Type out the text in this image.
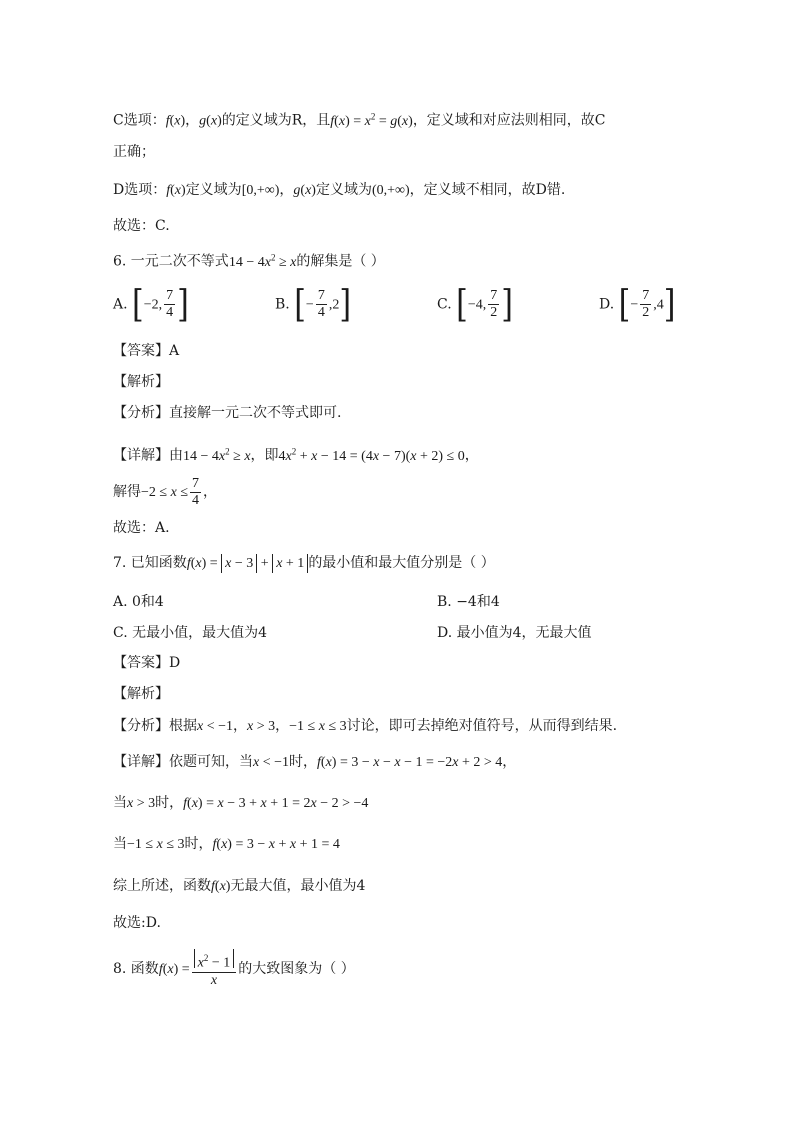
C选项：f(x)，g(x)的定义域为R，且$f(x) = x^2 = g(x)$，定义域和对应法则相同，故C
正确；
D选项：f(x)定义域为[0,+∞)，g(x)定义域为(0,+∞)，定义域不相同，故D错.
故选：C.
6. 一元二次不等式$14 - 4x^2 \ge x$的解集是（ ）
A. [−2, $\frac{7}{4}$ ]	B. [− $\frac{7}{4} ,2$]	C. [−4, $\frac{7}{2}$ ]	D. [− $\frac{7}{2} ,4$]
【答案】A
【解析】
【分析】直接解一元二次不等式即可.
【详解】由$14 - 4x^2 \ge x$，即$4x^2 + x - 14 = (4x - 7)(x + 2) \le 0$，
解得$-2 \le x \le \frac{7}{4}$ ，
故选：A.
7. 已知函数f(x) = x − 3 + x + 1 的最小值和最大值分别是（ ）
A. 0和4	B. −4和4
C. 无最小值，最大值为4	D. 最小值为4，无最大值
【答案】D
【解析】
【分析】根据x < −1，x > 3，−1 ≤ x ≤ 3讨论，即可去掉绝对值符号，从而得到结果.
【详解】依题可知，当x < −1时，f(x) = 3 − x − x − 1 = −2x + 2 > 4，
当x > 3时，f(x) = x − 3 + x + 1 = 2x − 2 > −4
当−1 ≤ x ≤ 3时，f(x) = 3 − x + x + 1 = 4
综上所述，函数f(x)无最大值，最小值为4
故选:D.
8. 函数$f(x) = \frac{x^2 - 1}{x}$ 的大致图象为（ ）
